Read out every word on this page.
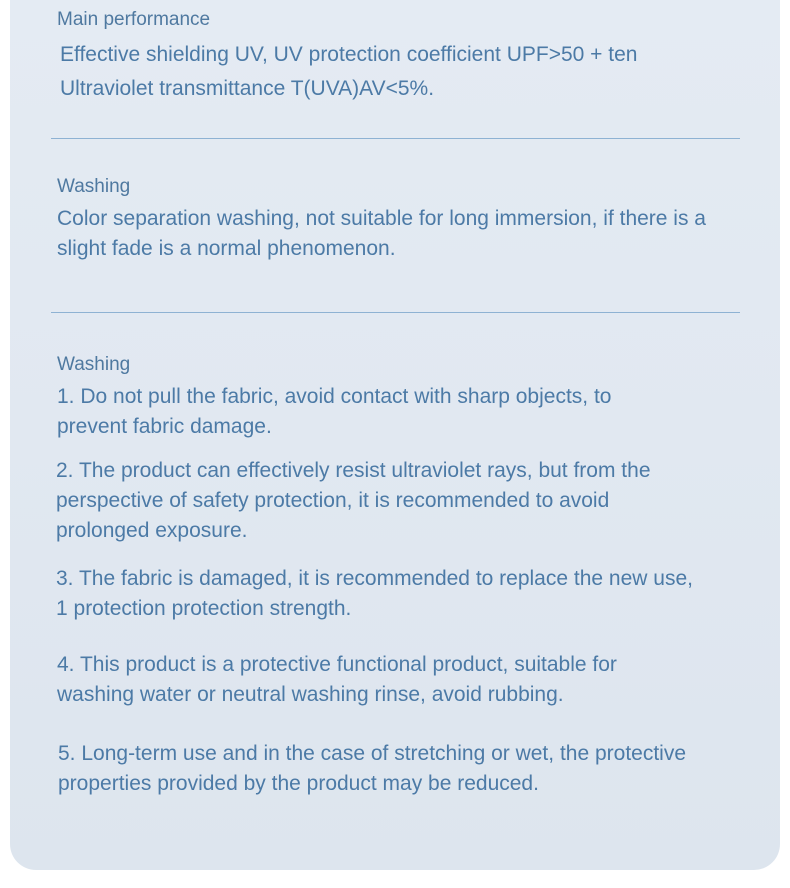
Main performance

Effective shielding UV, UV protection coefficient UPF>50 + ten

Ultraviolet transmittance T(UVA)AV<5%.

Washing

Color separation washing, not suitable for long immersion, if there is a slight fade is a normal phenomenon.

Washing

1. Do not pull the fabric, avoid contact with sharp objects, to prevent fabric damage.

2. The product can effectively resist ultraviolet rays, but from the perspective of safety protection, it is recommended to avoid prolonged exposure.

3. The fabric is damaged, it is recommended to replace the new use, 1 protection protection strength.

4. This product is a protective functional product, suitable for washing water or neutral washing rinse, avoid rubbing.

5. Long-term use and in the case of stretching or wet, the protective properties provided by the product may be reduced.
